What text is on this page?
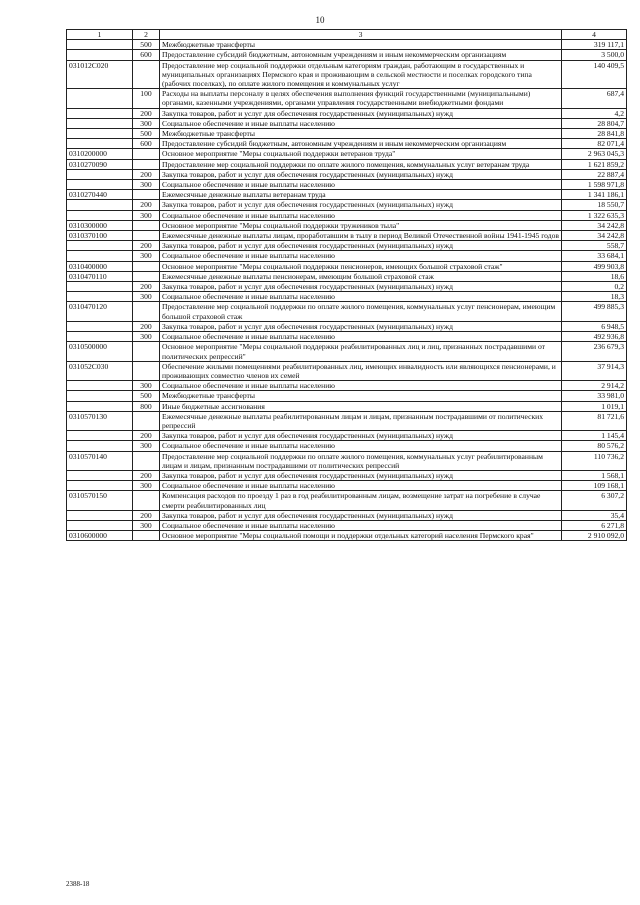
10
1	2	3	4
	500	Межбюджетные трансферты	319 117,1
	600	Предоставление субсидий бюджетным, автономным учреждениям и иным некоммерческим организациям	3 500,0
031012С020		Предоставление мер социальной поддержки отдельным категориям граждан, работающим в государственных и муниципальных организациях Пермского края и проживающим в сельской местности и поселках городского типа (рабочих поселках), по оплате жилого помещения и коммунальных услуг	140 409,5
	100	Расходы на выплаты персоналу в целях обеспечения выполнения функций государственными (муниципальными) органами, казенными учреждениями, органами управления государственными внебюджетными фондами	687,4
	200	Закупка товаров, работ и услуг для обеспечения государственных (муниципальных) нужд	4,2
	300	Социальное обеспечение и иные выплаты населению	28 804,7
	500	Межбюджетные трансферты	28 841,8
	600	Предоставление субсидий бюджетным, автономным учреждениям и иным некоммерческим организациям	82 071,4
0310200000		Основное мероприятие "Меры социальной поддержки ветеранов труда"	2 963 045,3
0310270090		Предоставление мер социальной поддержки по оплате жилого помещения, коммунальных услуг ветеранам труда	1 621 859,2
	200	Закупка товаров, работ и услуг для обеспечения государственных (муниципальных) нужд	22 887,4
	300	Социальное обеспечение и иные выплаты населению	1 598 971,8
0310270440		Ежемесячные денежные выплаты ветеранам труда	1 341 186,1
	200	Закупка товаров, работ и услуг для обеспечения государственных (муниципальных) нужд	18 550,7
	300	Социальное обеспечение и иные выплаты населению	1 322 635,3
0310300000		Основное мероприятие "Меры социальной поддержки тружеников тыла"	34 242,8
0310370100		Ежемесячные денежные выплаты лицам, проработавшим в тылу в период Великой Отечественной войны 1941-1945 годов	34 242,8
	200	Закупка товаров, работ и услуг для обеспечения государственных (муниципальных) нужд	558,7
	300	Социальное обеспечение и иные выплаты населению	33 684,1
0310400000		Основное мероприятие "Меры социальной поддержки пенсионеров, имеющих большой страховой стаж"	499 903,8
0310470110		Ежемесячные денежные выплаты пенсионерам, имеющим большой страховой стаж	18,6
	200	Закупка товаров, работ и услуг для обеспечения государственных (муниципальных) нужд	0,2
	300	Социальное обеспечение и иные выплаты населению	18,3
0310470120		Предоставление мер социальной поддержки по оплате жилого помещения, коммунальных услуг пенсионерам, имеющим большой страховой стаж	499 885,3
	200	Закупка товаров, работ и услуг для обеспечения государственных (муниципальных) нужд	6 948,5
	300	Социальное обеспечение и иные выплаты населению	492 936,8
0310500000		Основное мероприятие "Меры социальной поддержки реабилитированных лиц и лиц, признанных пострадавшими от политических репрессий"	236 679,3
031052С030		Обеспечение жилыми помещениями реабилитированных лиц, имеющих инвалидность или являющихся пенсионерами, и проживающих совместно членов их семей	37 914,3
	300	Социальное обеспечение и иные выплаты населению	2 914,2
	500	Межбюджетные трансферты	33 981,0
	800	Иные бюджетные ассигнования	1 019,1
0310570130		Ежемесячные денежные выплаты реабилитированным лицам и лицам, признанным пострадавшими от политических репрессий	81 721,6
	200	Закупка товаров, работ и услуг для обеспечения государственных (муниципальных) нужд	1 145,4
	300	Социальное обеспечение и иные выплаты населению	80 576,2
0310570140		Предоставление мер социальной поддержки по оплате жилого помещения, коммунальных услуг реабилитированным лицам и лицам, признанным пострадавшими от политических репрессий	110 736,2
	200	Закупка товаров, работ и услуг для обеспечения государственных (муниципальных) нужд	1 568,1
	300	Социальное обеспечение и иные выплаты населению	109 168,1
0310570150		Компенсация расходов по проезду 1 раз в год реабилитированным лицам, возмещение затрат на погребение в случае смерти реабилитированных лиц	6 307,2
	200	Закупка товаров, работ и услуг для обеспечения государственных (муниципальных) нужд	35,4
	300	Социальное обеспечение и иные выплаты населению	6 271,8
0310600000		Основное мероприятие "Меры социальной помощи и поддержки отдельных категорий населения Пермского края"	2 910 092,0
2388-18
